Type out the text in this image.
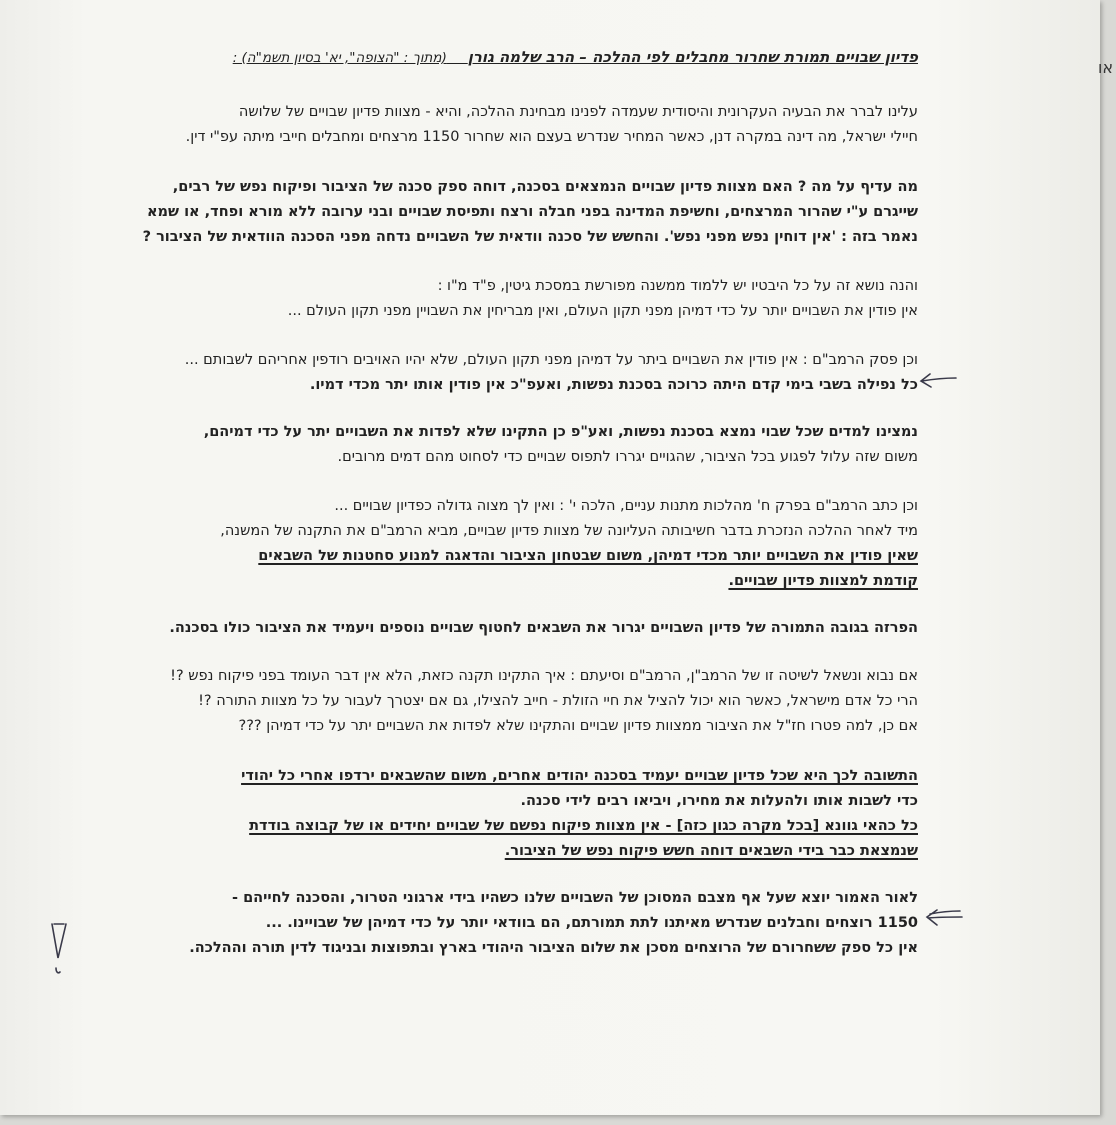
או

פדיון שבויים תמורת שחרור מחבלים לפי ההלכה – הרב שלמה גורן    (מתוך : "הצופה", יא' בסיון תשמ"ה) :

עלינו לברר את הבעיה העקרונית והיסודית שעמדה לפנינו מבחינת ההלכה, והיא - מצוות פדיון שבויים של שלושה
חיילי ישראל, מה דינה במקרה דנן, כאשר המחיר שנדרש בעצם הוא שחרור 1150 מרצחים ומחבלים חייבי מיתה עפ"י דין.

מה עדיף על מה ? האם מצוות פדיון שבויים הנמצאים בסכנה, דוחה ספק סכנה של הציבור ופיקוח נפש של רבים,
שייגרם ע"י שהרור המרצחים, וחשיפת המדינה בפני חבלה ורצח ותפיסת שבויים ובני ערובה ללא מורא ופחד, או שמא
נאמר בזה : 'אין דוחין נפש מפני נפש'. והחשש של סכנה וודאית של השבויים נדחה מפני הסכנה הוודאית של הציבור ?

והנה נושא זה על כל היבטיו יש ללמוד ממשנה מפורשת במסכת גיטין, פ"ד מ"ו :
אין פודין את השבויים יותר על כדי דמיהן מפני תקון העולם, ואין מבריחין את השבויין מפני תקון העולם ...

וכן פסק הרמב"ם : אין פודין את השבויים ביתר על דמיהן מפני תקון העולם, שלא יהיו האויבים רודפין אחריהם לשבותם ...
כל נפילה בשבי בימי קדם היתה כרוכה בסכנת נפשות, ואעפ"כ אין פודין אותו יתר מכדי דמיו.

נמצינו למדים שכל שבוי נמצא בסכנת נפשות, ואע"פ כן התקינו שלא לפדות את השבויים יתר על כדי דמיהם,
משום שזה עלול לפגוע בכל הציבור, שהגויים יגררו לתפוס שבויים כדי לסחוט מהם דמים מרובים.

וכן כתב הרמב"ם בפרק ח' מהלכות מתנות עניים, הלכה י' : ואין לך מצוה גדולה כפדיון שבויים ...
מיד לאחר ההלכה הנזכרת בדבר חשיבותה העליונה של מצוות פדיון שבויים, מביא הרמב"ם את התקנה של המשנה,
שאין פודין את השבויים יותר מכדי דמיהן, משום שבטחון הציבור והדאגה למנוע סחטנות של השבאים
קודמת למצוות פדיון שבויים.

הפרזה בגובה התמורה של פדיון השבויים יגרור את השבאים לחטוף שבויים נוספים ויעמיד את הציבור כולו בסכנה.

אם נבוא ונשאל לשיטה זו של הרמב"ן, הרמב"ם וסיעתם : איך התקינו תקנה כזאת, הלא אין דבר העומד בפני פיקוח נפש ?!
הרי כל אדם מישראל, כאשר הוא יכול להציל את חיי הזולת - חייב להצילו, גם אם יצטרך לעבור על כל מצוות התורה ?!
אם כן, למה פטרו חז"ל את הציבור ממצוות פדיון שבויים והתקינו שלא לפדות את השבויים יתר על כדי דמיהן ???

התשובה לכך היא שכל פדיון שבויים יעמיד בסכנה יהודים אחרים, משום שהשבאים ירדפו אחרי כל יהודי
כדי לשבות אותו ולהעלות את מחירו, ויביאו רבים לידי סכנה.
כל כהאי גוונא [בכל מקרה כגון כזה] - אין מצוות פיקוח נפשם של שבויים יחידים או של קבוצה בודדת
שנמצאת כבר בידי השבאים דוחה חשש פיקוח נפש של הציבור.

לאור האמור יוצא שעל אף מצבם המסוכן של השבויים שלנו כשהיו בידי ארגוני הטרור, והסכנה לחייהם -
1150 רוצחים וחבלנים שנדרש מאיתנו לתת תמורתם, הם בוודאי יותר על כדי דמיהן של שבויינו. ...
אין כל ספק ששחרורם של הרוצחים מסכן את שלום הציבור היהודי בארץ ובתפוצות ובניגוד לדין תורה וההלכה.
